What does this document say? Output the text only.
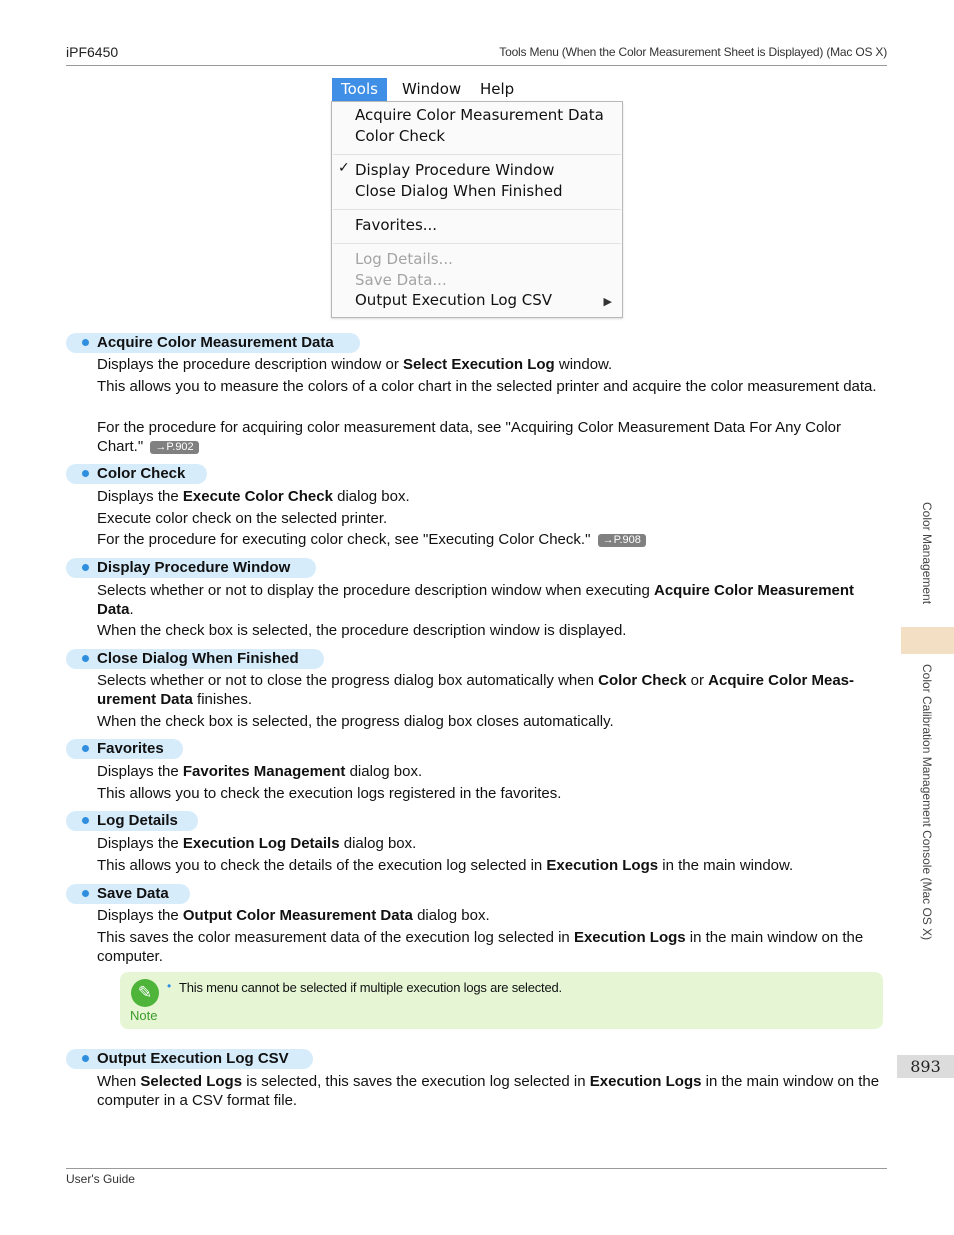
iPF6450	Tools Menu (When the Color Measurement Sheet is Displayed) (Mac OS X)
Tools	Window Help
Acquire Color Measurement Data
Color Check
✓ Display Procedure Window
Close Dialog When Finished
Favorites...
Log Details...
Save Data...
Output Execution Log CSV	▶
Acquire Color Measurement Data
Displays the procedure description window or Select Execution Log window.
This allows you to measure the colors of a color chart in the selected printer and acquire the color measurement data.
For the procedure for acquiring color measurement data, see "Acquiring Color Measurement Data For Any Color Chart." →P.902
Color Check
Displays the Execute Color Check dialog box.
Execute color check on the selected printer.
For the procedure for executing color check, see "Executing Color Check." →P.908
Display Procedure Window
Selects whether or not to display the procedure description window when executing Acquire Color Measurement Data.
When the check box is selected, the procedure description window is displayed.
Close Dialog When Finished
Selects whether or not to close the progress dialog box automatically when Color Check or Acquire Color Meas-urement Data finishes.
When the check box is selected, the progress dialog box closes automatically.
Favorites
Displays the Favorites Management dialog box.
This allows you to check the execution logs registered in the favorites.
Log Details
Displays the Execution Log Details dialog box.
This allows you to check the details of the execution log selected in Execution Logs in the main window.
Save Data
Displays the Output Color Measurement Data dialog box.
This saves the color measurement data of the execution log selected in Execution Logs in the main window on the computer.
✎
Note
• This menu cannot be selected if multiple execution logs are selected.
Output Execution Log CSV
When Selected Logs is selected, this saves the execution log selected in Execution Logs in the main window on the computer in a CSV format file.
Color Management
Color Calibration Management Console (Mac OS X)
893
User's Guide
